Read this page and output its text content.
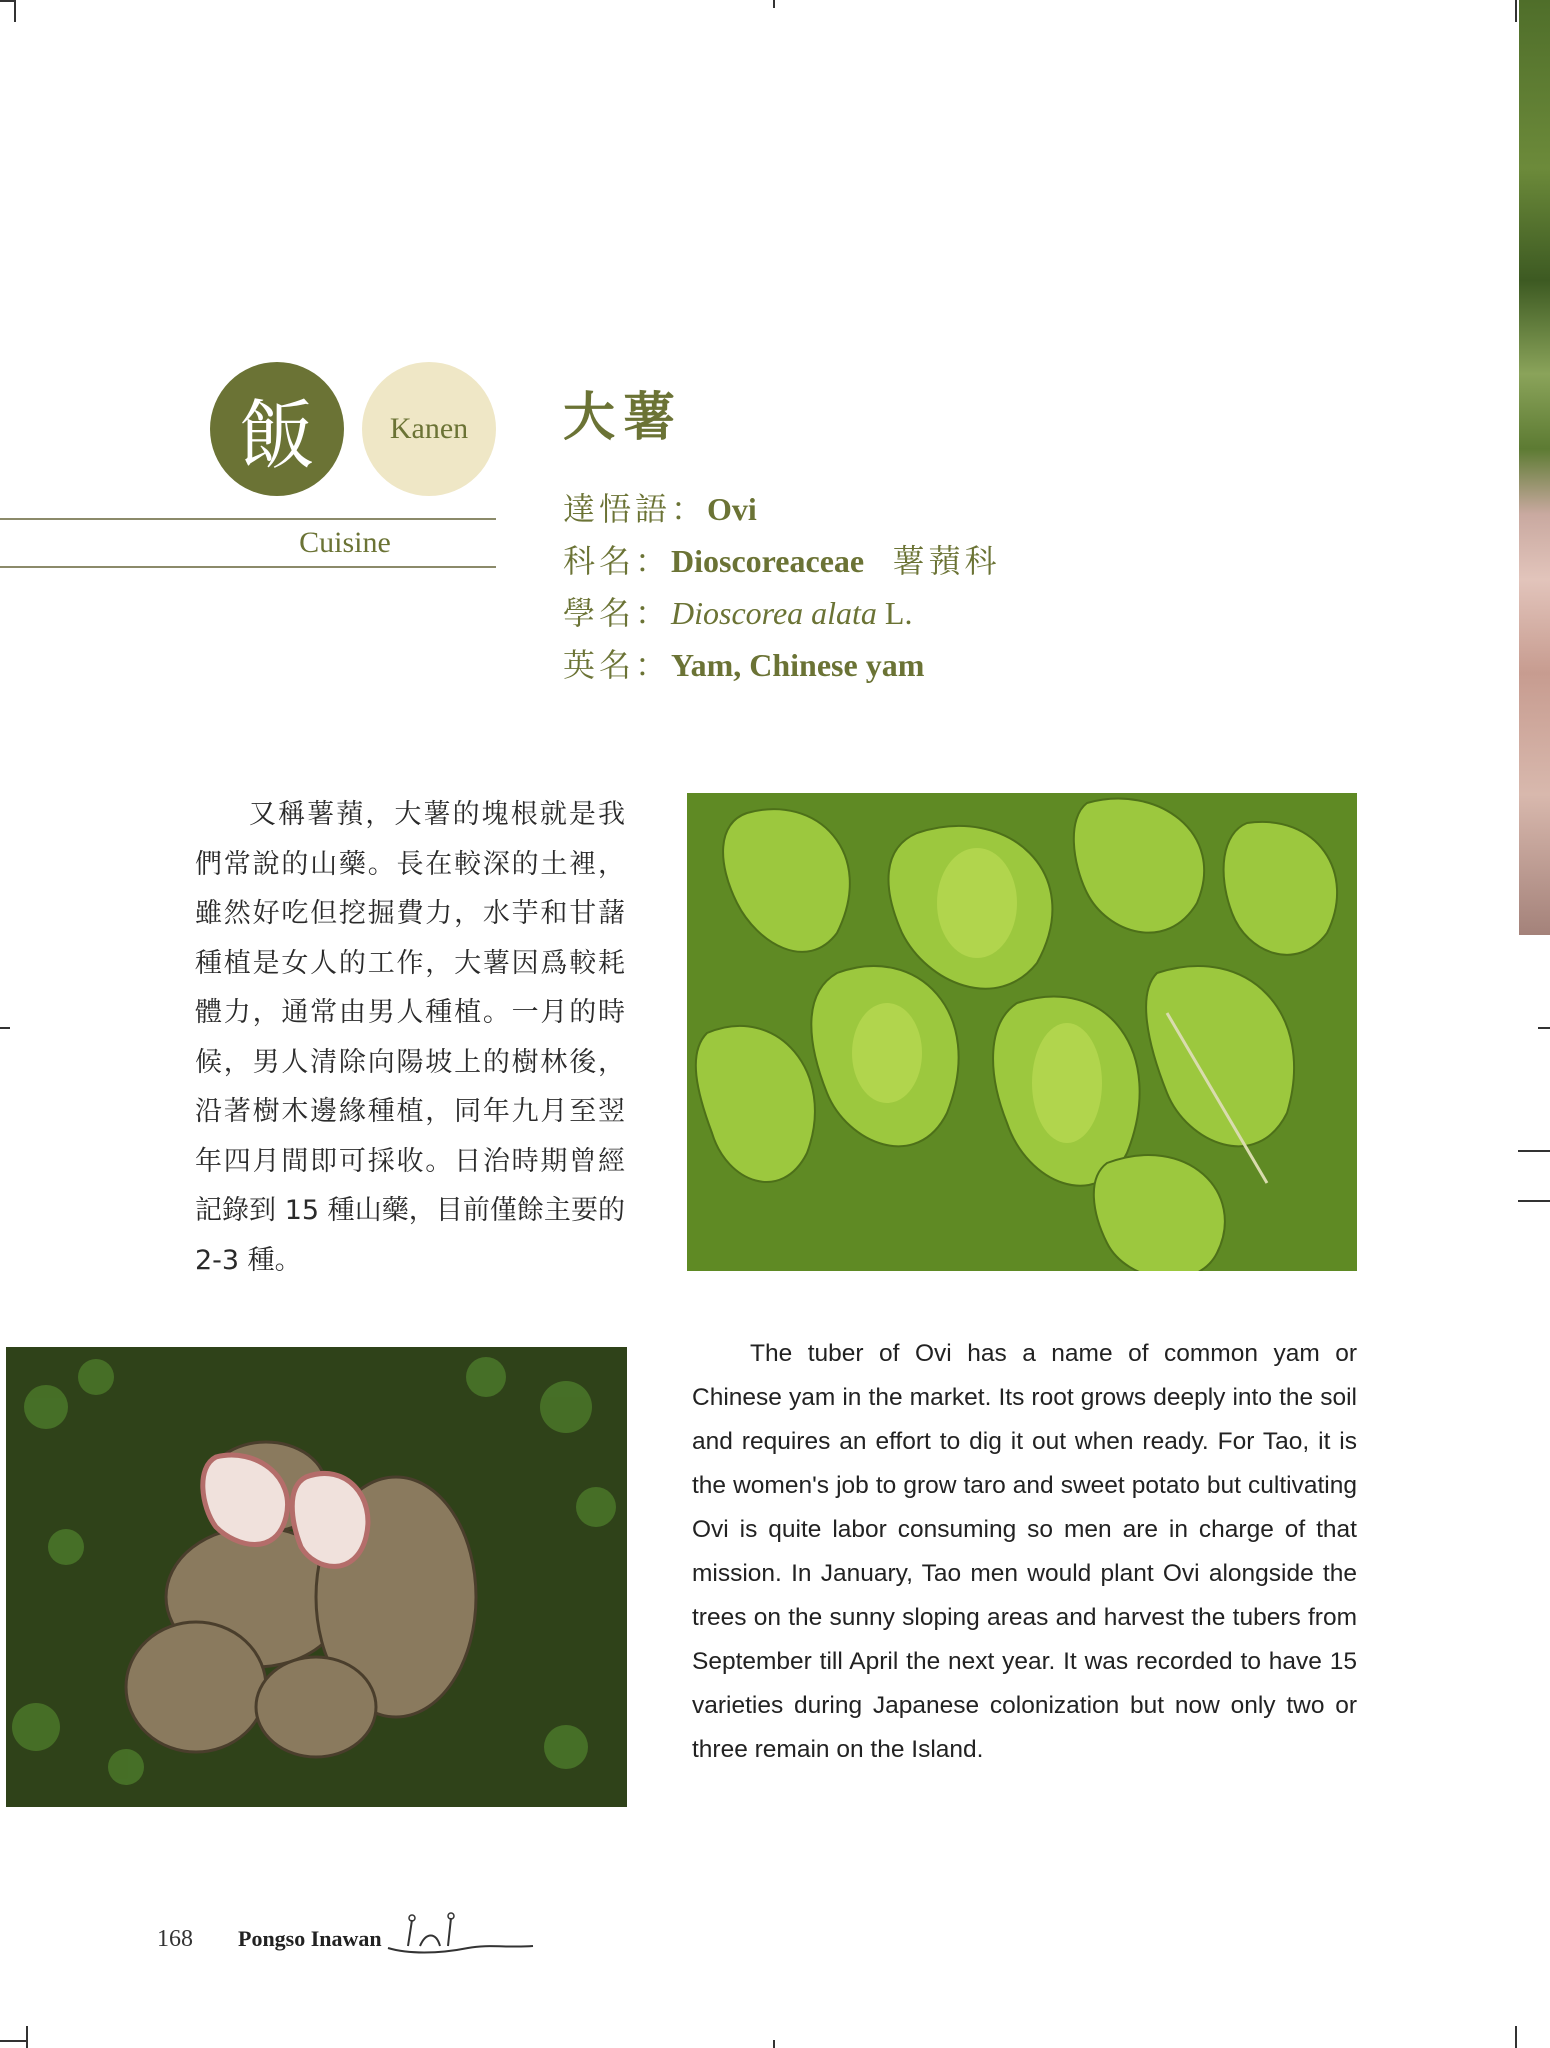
飯 Kanen
Cuisine
大薯
達悟語：Ovi
科名：Dioscoreaceae  薯蕷科
學名：Dioscorea alata L.
英名：Yam, Chinese yam
又稱薯蕷，大薯的塊根就是我們常說的山藥。長在較深的土裡，雖然好吃但挖掘費力，水芋和甘藷種植是女人的工作，大薯因爲較耗體力，通常由男人種植。一月的時候，男人清除向陽坡上的樹林後，沿著樹木邊緣種植，同年九月至翌年四月間即可採收。日治時期曾經記錄到 15 種山藥，目前僅餘主要的 2-3 種。
The tuber of Ovi has a name of common yam or Chinese yam in the market. Its root grows deeply into the soil and requires an effort to dig it out when ready. For Tao, it is the women's job to grow taro and sweet potato but cultivating Ovi is quite labor consuming so men are in charge of that mission. In January, Tao men would plant Ovi alongside the trees on the sunny sloping areas and harvest the tubers from September till April the next year. It was recorded to have 15 varieties during Japanese colonization but now only two or three remain on the Island.
168 Pongso Inawan
